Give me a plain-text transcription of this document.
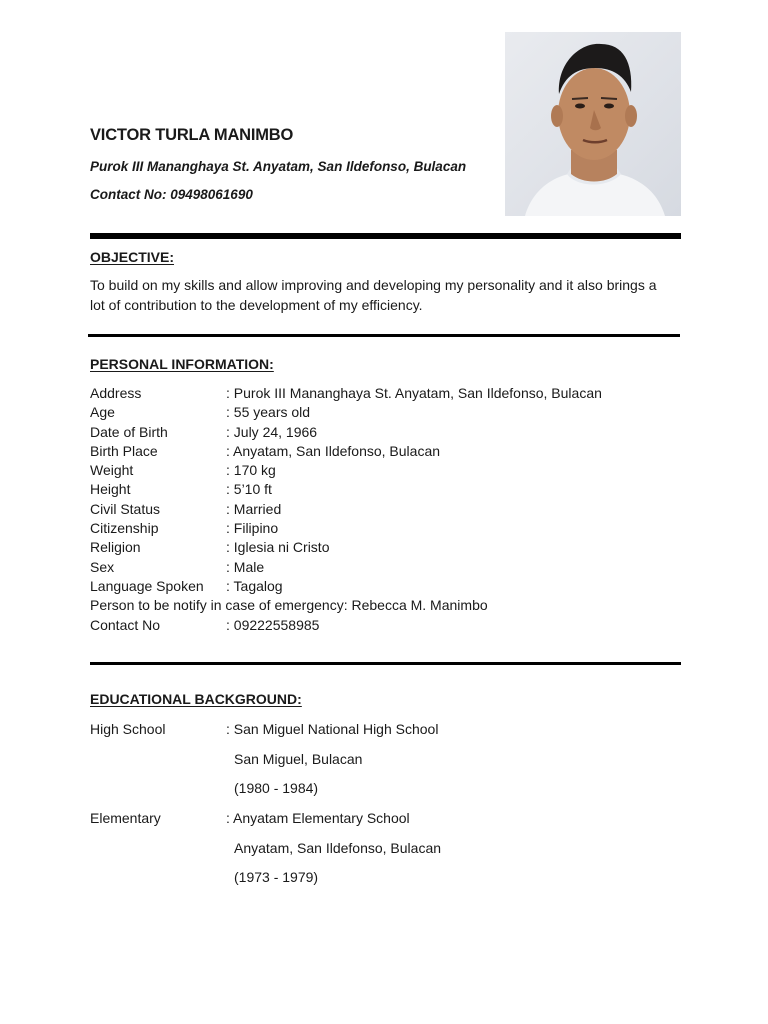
VICTOR TURLA MANIMBO
Purok III Mananghaya St. Anyatam, San Ildefonso, Bulacan
Contact No: 09498061690
OBJECTIVE:
To build on my skills and allow improving and developing my personality and it also brings a lot of contribution to the development of my efficiency.
PERSONAL INFORMATION:
Address	: Purok III Mananghaya St. Anyatam, San Ildefonso, Bulacan
Age	: 55 years old
Date of Birth	: July 24, 1966
Birth Place	: Anyatam, San Ildefonso, Bulacan
Weight	: 170 kg
Height	: 5’10 ft
Civil Status	: Married
Citizenship	: Filipino
Religion	: Iglesia ni Cristo
Sex	: Male
Language Spoken : Tagalog
Person to be notify in case of emergency: Rebecca M. Manimbo
Contact No	: 09222558985
EDUCATIONAL BACKGROUND:
High School	: San Miguel National High School
San Miguel, Bulacan
(1980 - 1984)
Elementary	: Anyatam Elementary School
Anyatam, San Ildefonso, Bulacan
(1973 - 1979)
